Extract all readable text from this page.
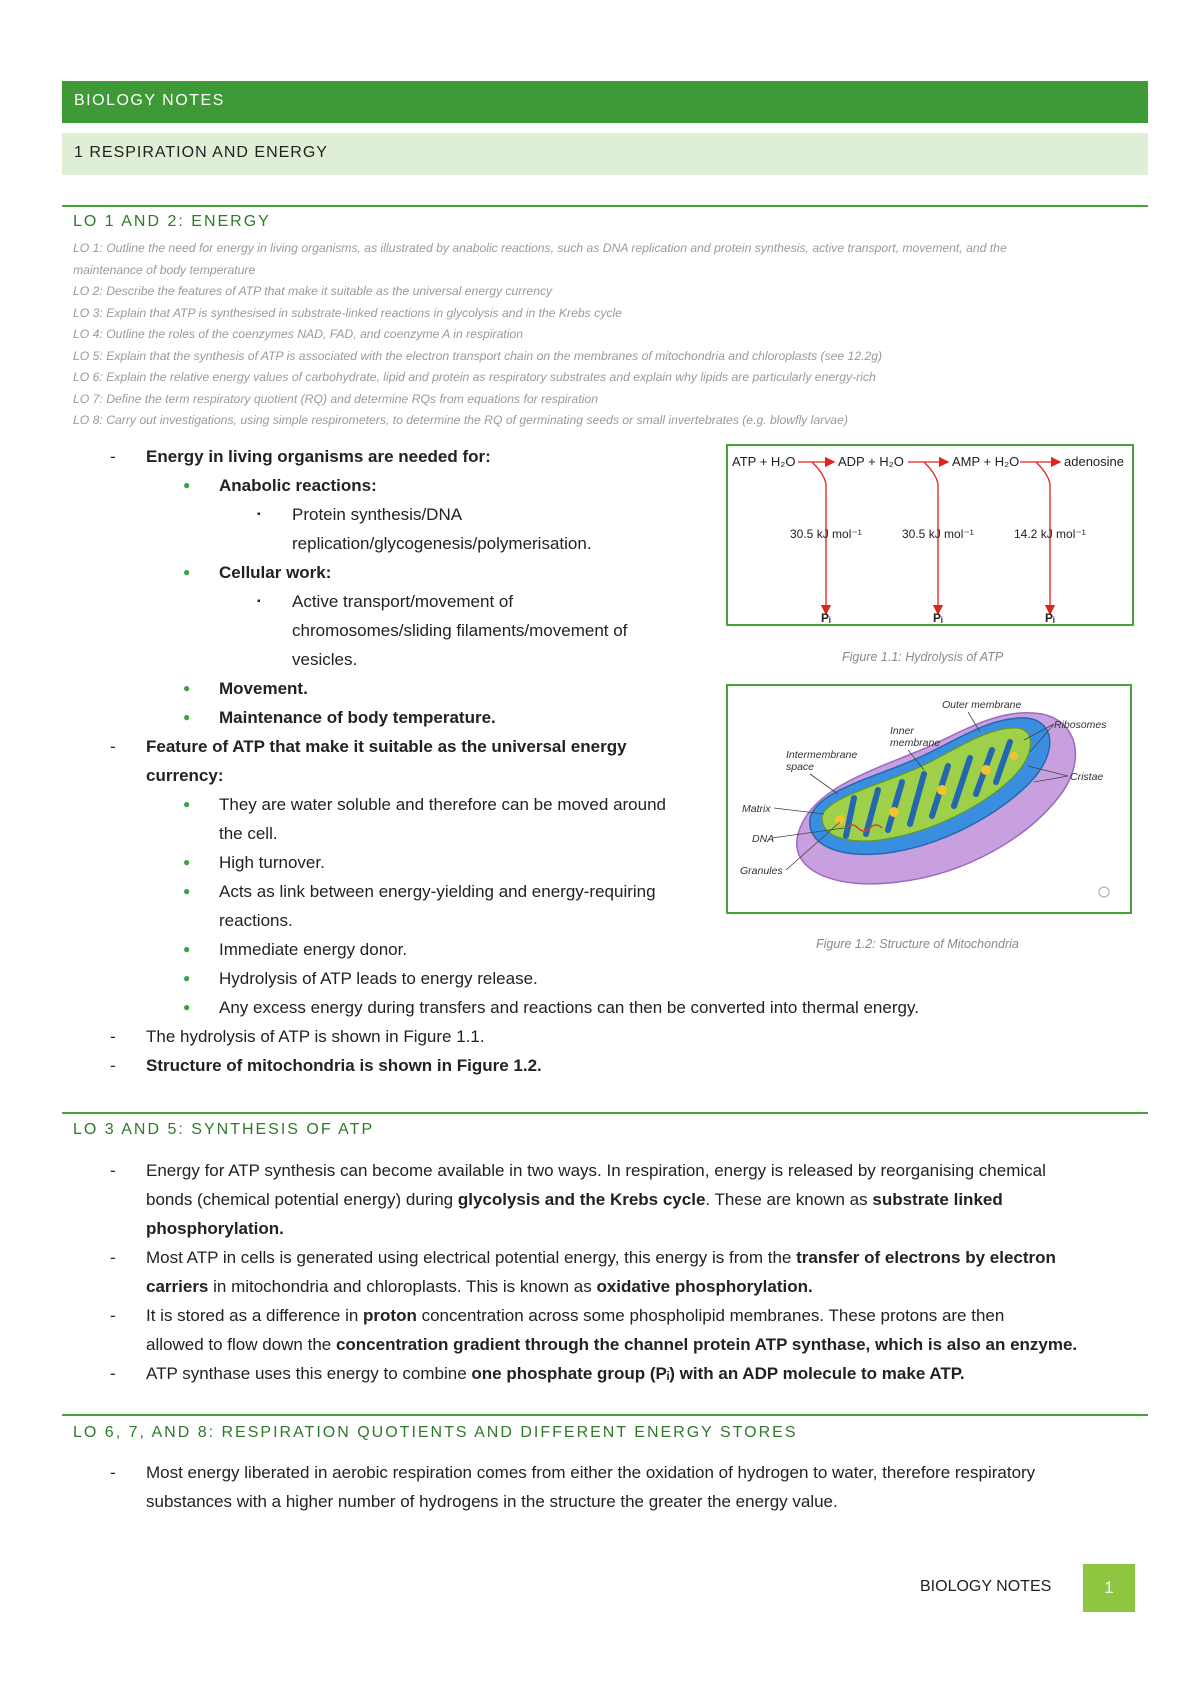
BIOLOGY NOTES
1 RESPIRATION AND ENERGY
LO 1 AND 2: ENERGY
LO 1: Outline the need for energy in living organisms, as illustrated by anabolic reactions, such as DNA replication and protein synthesis, active transport, movement, and the
maintenance of body temperature
LO 2: Describe the features of ATP that make it suitable as the universal energy currency
LO 3: Explain that ATP is synthesised in substrate-linked reactions in glycolysis and in the Krebs cycle
LO 4: Outline the roles of the coenzymes NAD, FAD, and coenzyme A in respiration
LO 5: Explain that the synthesis of ATP is associated with the electron transport chain on the membranes of mitochondria and chloroplasts (see 12.2g)
LO 6: Explain the relative energy values of carbohydrate, lipid and protein as respiratory substrates and explain why lipids are particularly energy-rich
LO 7: Define the term respiratory quotient (RQ) and determine RQs from equations for respiration
LO 8: Carry out investigations, using simple respirometers, to determine the RQ of germinating seeds or small invertebrates (e.g. blowfly larvae)
- Energy in living organisms are needed for:
● Anabolic reactions:
▪ Protein synthesis/DNA
replication/glycogenesis/polymerisation.
● Cellular work:
▪ Active transport/movement of
chromosomes/sliding filaments/movement of
vesicles.
● Movement.
● Maintenance of body temperature.
- Feature of ATP that make it suitable as the universal energy
currency:
● They are water soluble and therefore can be moved around
the cell.
● High turnover.
● Acts as link between energy-yielding and energy-requiring
reactions.
● Immediate energy donor.
● Hydrolysis of ATP leads to energy release.
● Any excess energy during transfers and reactions can then be converted into thermal energy.
- The hydrolysis of ATP is shown in Figure 1.1.
- Structure of mitochondria is shown in Figure 1.2.
ATP + H₂O	ADP + H₂O	AMP + H₂O	adenosine
30.5 kJ mol⁻¹	30.5 kJ mol⁻¹	14.2 kJ mol⁻¹
Pᵢ	Pᵢ	Pᵢ
Figure 1.1: Hydrolysis of ATP
Outer membrane
Inner
membrane
Ribosomes
Intermembrane
space
Cristae
Matrix
DNA
Granules
Figure 1.2: Structure of Mitochondria
LO 3 AND 5: SYNTHESIS OF ATP
- Energy for ATP synthesis can become available in two ways. In respiration, energy is released by reorganising chemical
bonds (chemical potential energy) during glycolysis and the Krebs cycle. These are known as substrate linked
phosphorylation.
- Most ATP in cells is generated using electrical potential energy, this energy is from the transfer of electrons by electron
carriers in mitochondria and chloroplasts. This is known as oxidative phosphorylation.
- It is stored as a difference in proton concentration across some phospholipid membranes. These protons are then
allowed to flow down the concentration gradient through the channel protein ATP synthase, which is also an enzyme.
- ATP synthase uses this energy to combine one phosphate group (Pᵢ) with an ADP molecule to make ATP.
LO 6, 7, AND 8: RESPIRATION QUOTIENTS AND DIFFERENT ENERGY STORES
- Most energy liberated in aerobic respiration comes from either the oxidation of hydrogen to water, therefore respiratory
substances with a higher number of hydrogens in the structure the greater the energy value.
BIOLOGY NOTES	1
